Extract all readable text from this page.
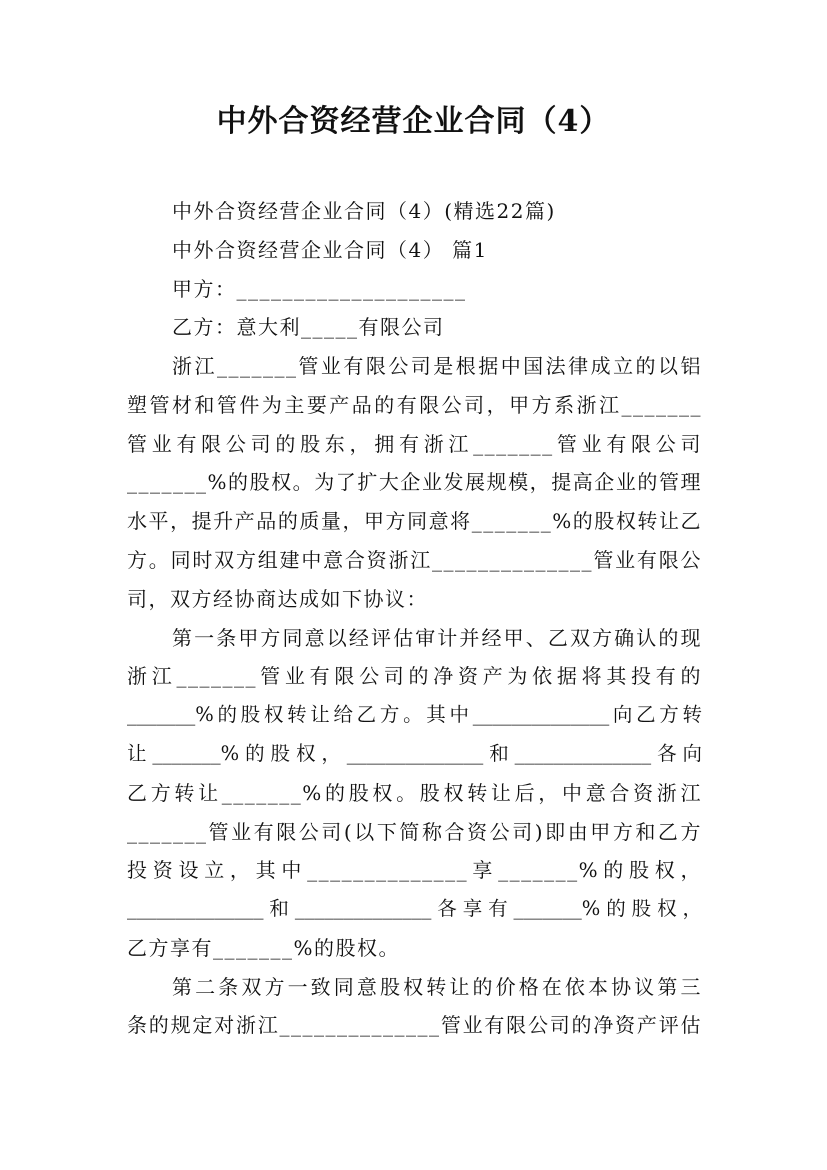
中外合资经营企业合同（4）
中外合资经营企业合同（4）(精选22篇)
中外合资经营企业合同（4） 篇1
甲方：____________________
乙方：意大利_____有限公司
浙江_______管业有限公司是根据中国法律成立的以铝
塑管材和管件为主要产品的有限公司，甲方系浙江_______
管业有限公司的股东，拥有浙江_______管业有限公司
_______%的股权。为了扩大企业发展规模，提高企业的管理
水平，提升产品的质量，甲方同意将_______%的股权转让乙
方。同时双方组建中意合资浙江______________管业有限公
司，双方经协商达成如下协议：
第一条甲方同意以经评估审计并经甲、乙双方确认的现
浙江_______管业有限公司的净资产为依据将其投有的
_______%的股权转让给乙方。其中______________向乙方转
让_______%的股权，______________和______________各向
乙方转让_______%的股权。股权转让后，中意合资浙江
_______管业有限公司(以下简称合资公司)即由甲方和乙方
投资设立，其中______________享_______%的股权，
______________和______________各享有_______%的股权，
乙方享有_______%的股权。
第二条双方一致同意股权转让的价格在依本协议第三
条的规定对浙江______________管业有限公司的净资产评估
